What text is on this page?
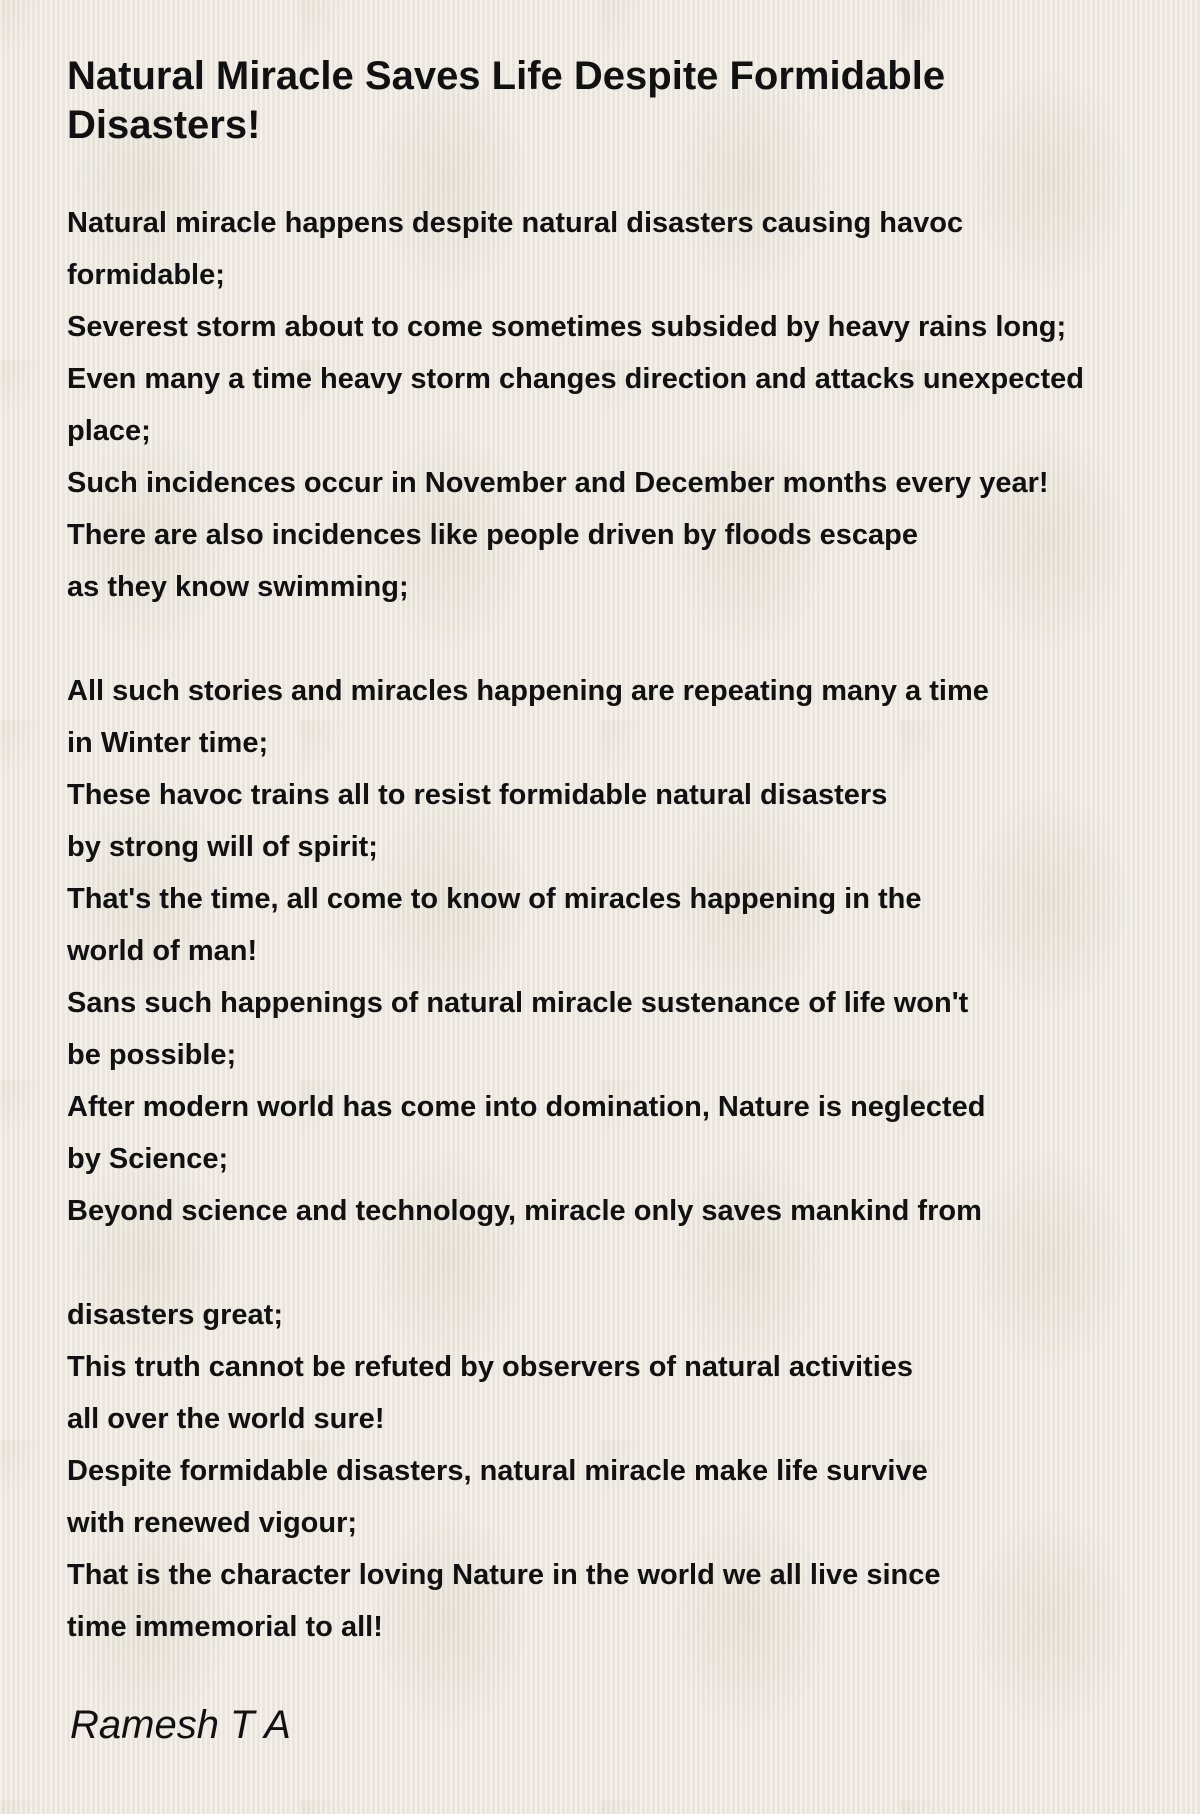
Natural Miracle Saves Life Despite Formidable Disasters!
Natural miracle happens despite natural disasters causing havoc
formidable;
Severest storm about to come sometimes subsided by heavy rains long;
Even many a time heavy storm changes direction and attacks unexpected
place;
Such incidences occur in November and December months every year!
There are also incidences like people driven by floods escape
as they know swimming;
All such stories and miracles happening are repeating many a time
in Winter time;
These havoc trains all to resist formidable natural disasters
by strong will of spirit;
That's the time, all come to know of miracles happening in the
world of man!
Sans such happenings of natural miracle sustenance of life won't
be possible;
After modern world has come into domination, Nature is neglected
by Science;
Beyond science and technology, miracle only saves mankind from
disasters great;
This truth cannot be refuted by observers of natural activities
all over the world sure!
Despite formidable disasters, natural miracle make life survive
with renewed vigour;
That is the character loving Nature in the world we all live since
time immemorial to all!
Ramesh T A
